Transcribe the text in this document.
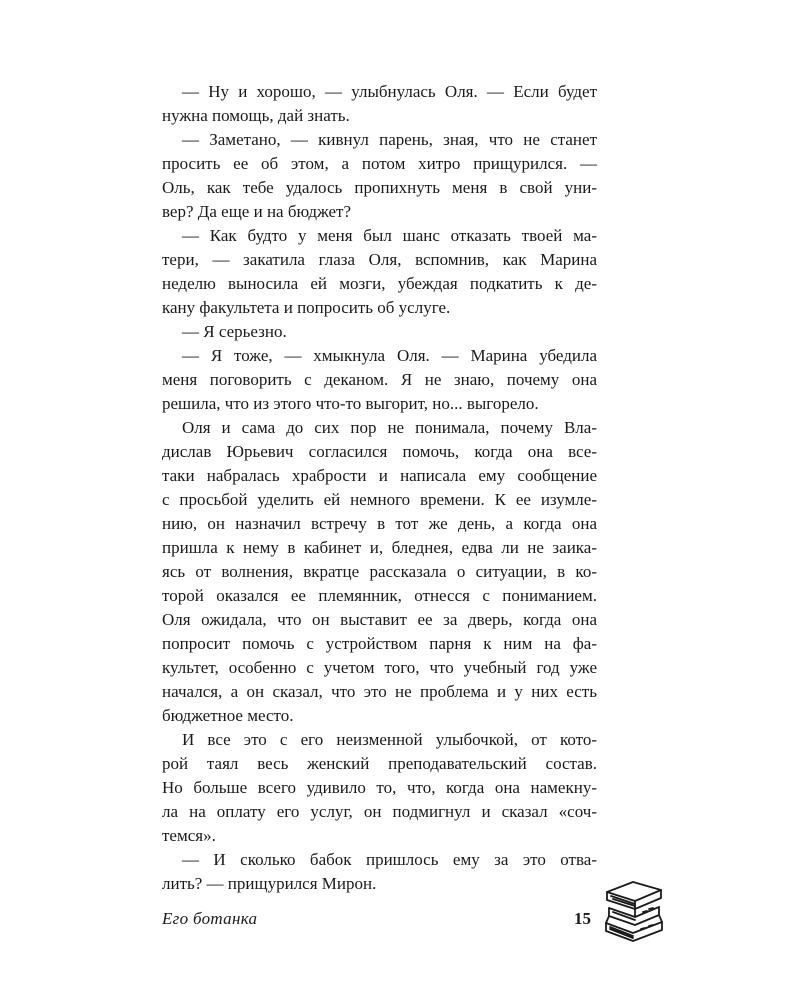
— Ну и хорошо, — улыбнулась Оля. — Если будет
нужна помощь, дай знать.
— Заметано, — кивнул парень, зная, что не станет
просить ее об этом, а потом хитро прищурился. —
Оль, как тебе удалось пропихнуть меня в свой уни-
вер? Да еще и на бюджет?
— Как будто у меня был шанс отказать твоей ма-
тери, — закатила глаза Оля, вспомнив, как Марина
неделю выносила ей мозги, убеждая подкатить к де-
кану факультета и попросить об услуге.
— Я серьезно.
— Я тоже, — хмыкнула Оля. — Марина убедила
меня поговорить с деканом. Я не знаю, почему она
решила, что из этого что-то выгорит, но... выгорело.
Оля и сама до сих пор не понимала, почему Вла-
дислав Юрьевич согласился помочь, когда она все-
таки набралась храбрости и написала ему сообщение
с просьбой уделить ей немного времени. К ее изумле-
нию, он назначил встречу в тот же день, а когда она
пришла к нему в кабинет и, бледнея, едва ли не заика-
ясь от волнения, вкратце рассказала о ситуации, в ко-
торой оказался ее племянник, отнесся с пониманием.
Оля ожидала, что он выставит ее за дверь, когда она
попросит помочь с устройством парня к ним на фа-
культет, особенно с учетом того, что учебный год уже
начался, а он сказал, что это не проблема и у них есть
бюджетное место.
И все это с его неизменной улыбочкой, от кото-
рой таял весь женский преподавательский состав.
Но больше всего удивило то, что, когда она намекну-
ла на оплату его услуг, он подмигнул и сказал «соч-
темся».
— И сколько бабок пришлось ему за это отва-
лить? — прищурился Мирон.
Его ботанка	15
